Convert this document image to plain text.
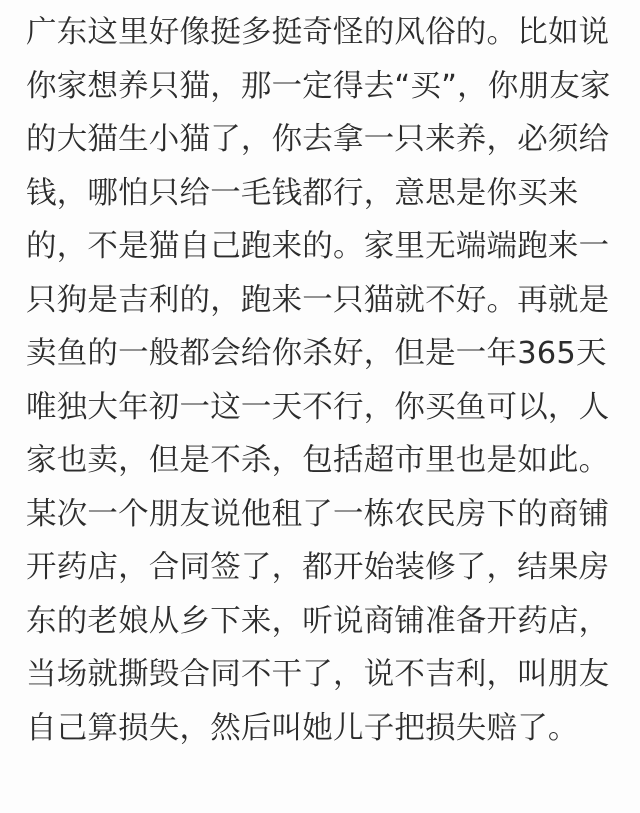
广东这里好像挺多挺奇怪的风俗的。比如说你家想养只猫，那一定得去“买”，你朋友家的大猫生小猫了，你去拿一只来养，必须给钱，哪怕只给一毛钱都行，意思是你买来的，不是猫自己跑来的。家里无端端跑来一只狗是吉利的，跑来一只猫就不好。再就是卖鱼的一般都会给你杀好，但是一年365天唯独大年初一这一天不行，你买鱼可以，人家也卖，但是不杀，包括超市里也是如此。某次一个朋友说他租了一栋农民房下的商铺开药店，合同签了，都开始装修了，结果房东的老娘从乡下来，听说商铺准备开药店，当场就撕毁合同不干了，说不吉利，叫朋友自己算损失，然后叫她儿子把损失赔了。
